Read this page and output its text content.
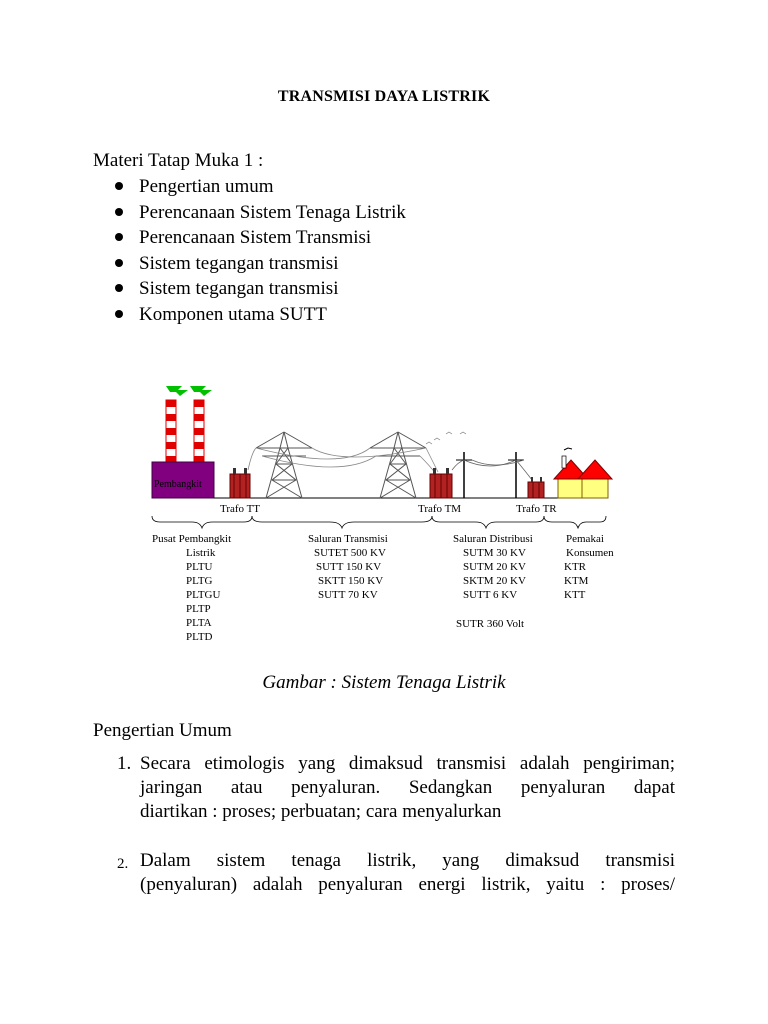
TRANSMISI DAYA LISTRIK
Materi Tatap Muka 1 :
Pengertian umum
Perencanaan Sistem Tenaga Listrik
Perencanaan Sistem Transmisi
Sistem tegangan transmisi
Sistem tegangan transmisi
Komponen utama SUTT
Pembangkit
Trafo TT	Trafo TM	Trafo TR
Pusat Pembangkit
Listrik
PLTU
PLTG
PLTGU
PLTP
PLTA
PLTD
Saluran Transmisi
SUTET 500 KV
SUTT 150 KV
SKTT 150 KV
SUTT 70 KV
Saluran Distribusi
SUTM 30 KV
SUTM 20 KV
SKTM 20 KV
SUTT 6 KV
SUTR 360 Volt
Pemakai
Konsumen
KTR
KTM
KTT
Gambar : Sistem Tenaga Listrik
Pengertian Umum
1. Secara etimologis yang dimaksud transmisi adalah pengiriman;
jaringan atau penyaluran. Sedangkan penyaluran dapat
diartikan : proses; perbuatan; cara menyalurkan
2. Dalam sistem tenaga listrik, yang dimaksud transmisi
(penyaluran) adalah penyaluran energi listrik, yaitu : proses/
